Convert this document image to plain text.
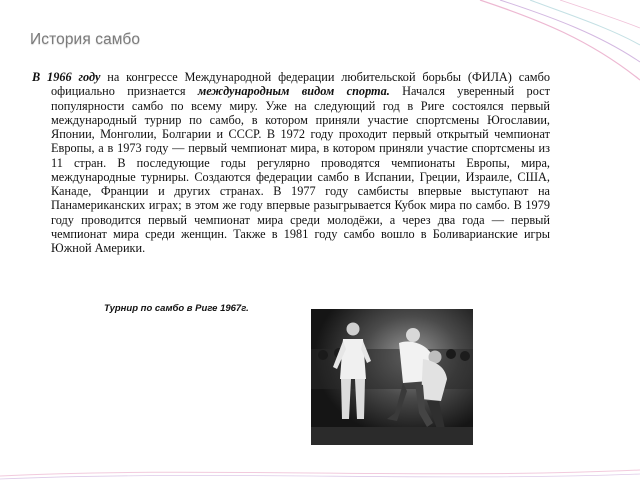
История самбо

В 1966 году на конгрессе Международной федерации любительской борьбы (ФИЛА) самбо официально признается международным видом спорта. Начался уверенный рост популярности самбо по всему миру. Уже на следующий год в Риге состоялся первый международный турнир по самбо, в котором приняли участие спортсмены Югославии, Японии, Монголии, Болгарии и СССР. В 1972 году проходит первый открытый чемпионат Европы, а в 1973 году — первый чемпионат мира, в котором приняли участие спортсмены из 11 стран. В последующие годы регулярно проводятся чемпионаты Европы, мира, международные турниры. Создаются федерации самбо в Испании, Греции, Израиле, США, Канаде, Франции и других странах. В 1977 году самбисты впервые выступают на Панамериканских играх; в этом же году впервые разыгрывается Кубок мира по самбо. В 1979 году проводится первый чемпионат мира среди молодёжи, а через два года — первый чемпионат мира среди женщин. Также в 1981 году самбо вошло в Боливарианские игры Южной Америки.

Турнир по самбо в Риге 1967г.
